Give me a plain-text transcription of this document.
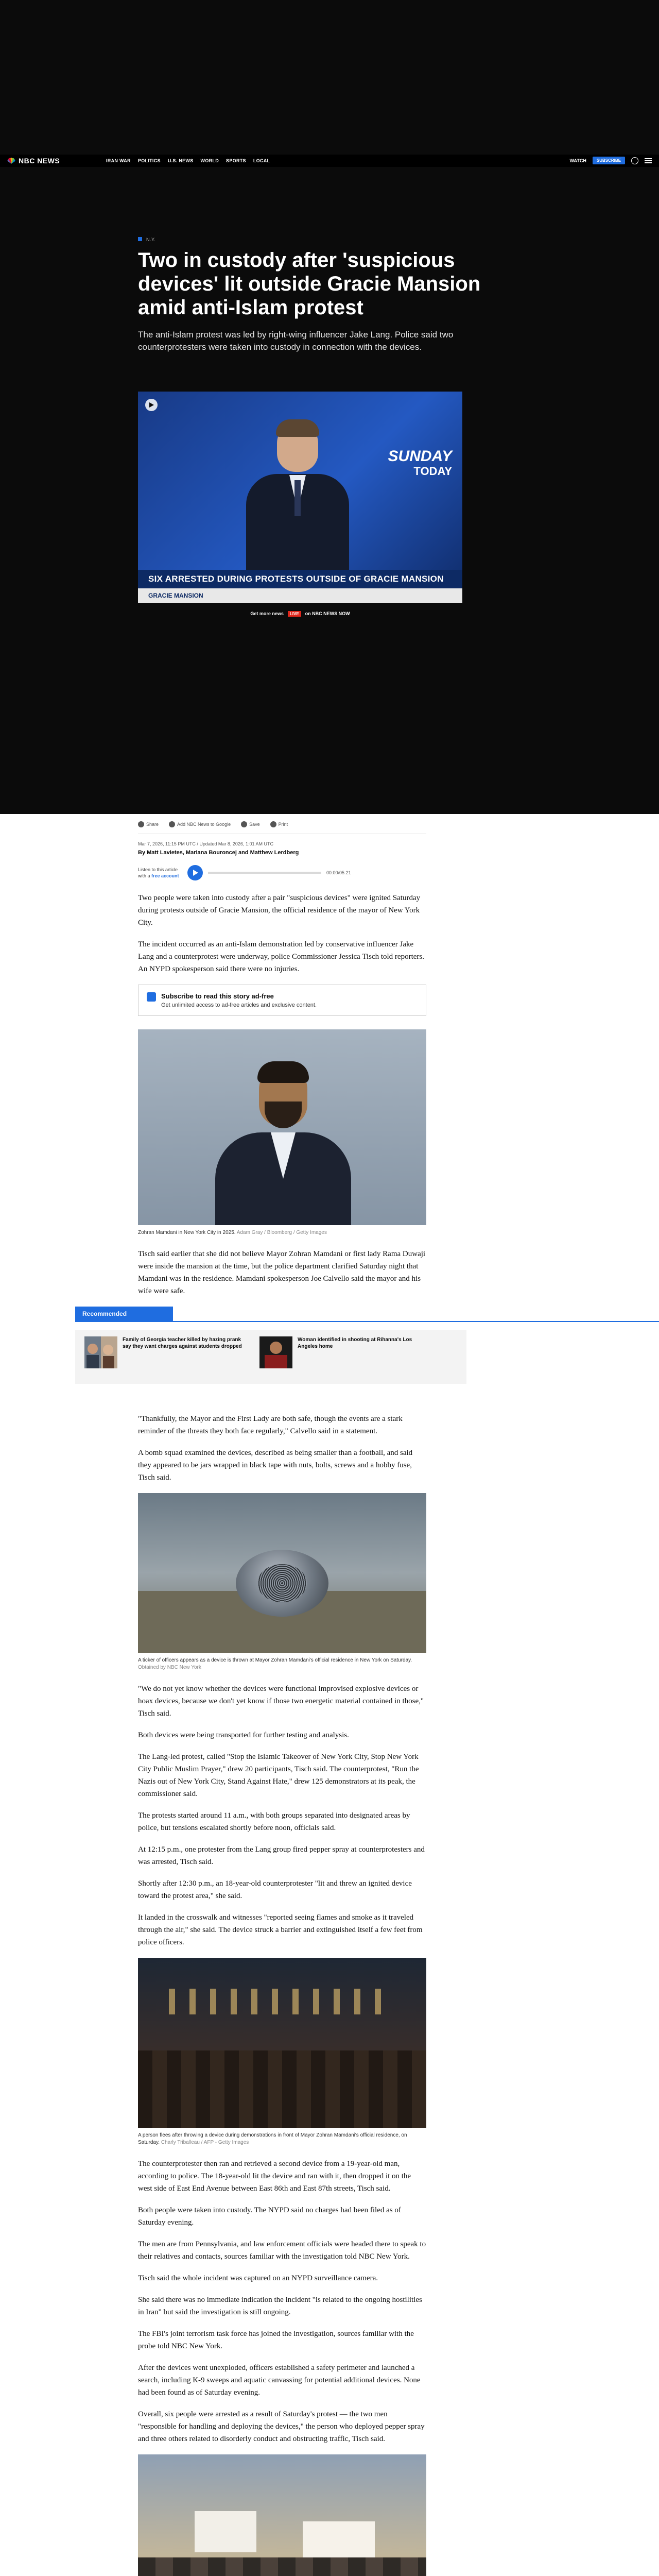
NBC NEWS	IRAN WAR POLITICS U.S. NEWS WORLD SPORTS LOCAL	WATCH	SUBSCRIBE
N.Y.
Two in custody after 'suspicious devices' lit outside Gracie Mansion amid anti-Islam protest

The anti-Islam protest was led by right-wing influencer Jake Lang. Police said two counterprotesters were taken into custody in connection with the devices.

SUNDAY
TODAY
SIX ARRESTED DURING PROTESTS OUTSIDE OF GRACIE MANSION
GRACIE MANSION
Get more news	LIVE	on NBC NEWS NOW
Share	Add NBC News to Google	Save	Print
Mar 7, 2026, 11:15 PM UTC / Updated Mar 8, 2026, 1:01 AM UTC
By Matt Lavietes, Mariana Bouroncej and Matthew Lerdberg
Listen to this article with a free account
00:00/05:21

Two people were taken into custody after a pair "suspicious devices" were ignited Saturday during protests outside of Gracie Mansion, the official residence of the mayor of New York City.

The incident occurred as an anti-Islam demonstration led by conservative influencer Jake Lang and a counterprotest were underway, police Commissioner Jessica Tisch told reporters. An NYPD spokesperson said there were no injuries.

Subscribe to read this story ad-free

Get unlimited access to ad-free articles and exclusive content.

Zohran Mamdani in New York City in 2025. Adam Gray / Bloomberg / Getty Images

Tisch said earlier that she did not believe Mayor Zohran Mamdani or first lady Rama Duwaji were inside the mansion at the time, but the police department clarified Saturday night that Mamdani was in the residence. Mamdani spokesperson Joe Calvello said the mayor and his wife were safe.

Recommended
Family of Georgia teacher killed by hazing prank say they want charges against students dropped
Woman identified in shooting at Rihanna's Los Angeles home

"Thankfully, the Mayor and the First Lady are both safe, though the events are a stark reminder of the threats they both face regularly," Calvello said in a statement.

A bomb squad examined the devices, described as being smaller than a football, and said they appeared to be jars wrapped in black tape with nuts, bolts, screws and a hobby fuse, Tisch said.

A ticker of officers appears as a device is thrown at Mayor Zohran Mamdani's official residence in New York on Saturday. Obtained by NBC New York

"We do not yet know whether the devices were functional improvised explosive devices or hoax devices, because we don't yet know if those two energetic material contained in those," Tisch said.

Both devices were being transported for further testing and analysis.

The Lang-led protest, called "Stop the Islamic Takeover of New York City, Stop New York City Public Muslim Prayer," drew 20 participants, Tisch said. The counterprotest, "Run the Nazis out of New York City, Stand Against Hate," drew 125 demonstrators at its peak, the commissioner said.

The protests started around 11 a.m., with both groups separated into designated areas by police, but tensions escalated shortly before noon, officials said.

At 12:15 p.m., one protester from the Lang group fired pepper spray at counterprotesters and was arrested, Tisch said.

Shortly after 12:30 p.m., an 18-year-old counterprotester "lit and threw an ignited device toward the protest area," she said.

It landed in the crosswalk and witnesses "reported seeing flames and smoke as it traveled through the air," she said. The device struck a barrier and extinguished itself a few feet from police officers.

A person flees after throwing a device during demonstrations in front of Mayor Zohran Mamdani's official residence, on Saturday. Charly Triballeau / AFP - Getty Images

The counterprotester then ran and retrieved a second device from a 19-year-old man, according to police. The 18-year-old lit the device and ran with it, then dropped it on the west side of East End Avenue between East 86th and East 87th streets, Tisch said.

Both people were taken into custody. The NYPD said no charges had been filed as of Saturday evening.

The men are from Pennsylvania, and law enforcement officials were headed there to speak to their relatives and contacts, sources familiar with the investigation told NBC New York.

Tisch said the whole incident was captured on an NYPD surveillance camera.

She said there was no immediate indication the incident "is related to the ongoing hostilities in Iran" but said the investigation is still ongoing.

The FBI's joint terrorism task force has joined the investigation, sources familiar with the probe told NBC New York.

After the devices went unexploded, officers established a safety perimeter and launched a search, including K-9 sweeps and aquatic canvassing for potential additional devices. None had been found as of Saturday evening.

Overall, six people were arrested as a result of Saturday's protest — the two men "responsible for handling and deploying the devices," the person who deployed pepper spray and three others related to disorderly conduct and obstructing traffic, Tisch said.
